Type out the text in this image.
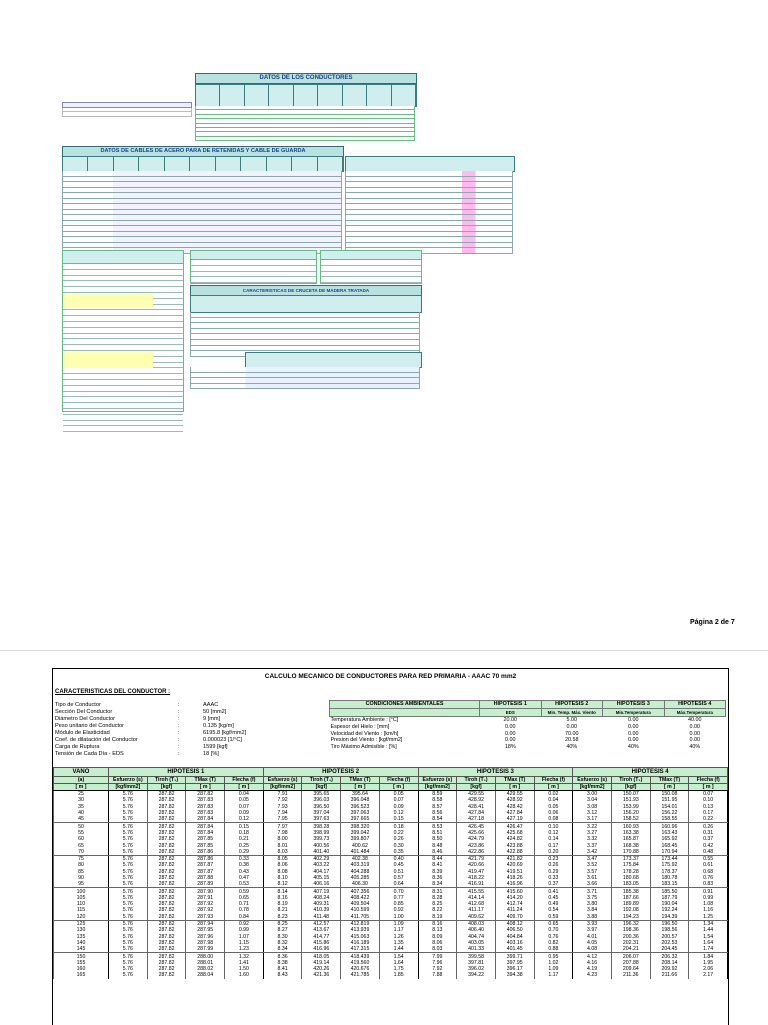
DATOS DE LOS CONDUCTORES
DATOS DE CABLES DE ACERO PARA DE RETENIDAS Y CABLE DE GUARDA
CARACTERISTICAS DE CRUCETA DE MADERA TRATADA
Página 2 de 7
CALCULO MECANICO DE CONDUCTORES PARA RED PRIMARIA - AAAC 70 mm2
CARACTERISTICAS DEL CONDUCTOR :
Tipo de Conductor	:	AAAC
Sección Del Conductor	:	50 [mm2]
Diámetro Del Conductor	:	9 [mm]
Peso unitario del Conductor	:	0.135 [kg/m]
Módulo de Elasticidad	:	6195.8 [kgf/mm2]
Coef. de dilatación del Conductor	:	0.000023 [1/°C]
Carga de Ruptura	:	1599 [kgf]
Tensión de Cada Día - EDS	:	18 [%]
CONDICIONES AMBIENTALES	HIPOTESIS 1	HIPOTESIS 2	HIPOTESIS 3	HIPOTESIS 4
	EDS	Min. Temp. Máx. Viento	Min.Temperatura	Máx.Temperatura
Temperatura Ambiente : [°C]	20.00	5.00	0.00	40.00
Espesor del Hielo : [mm]	0.00	0.00	0.00	0.00
Velocidad del Viento : [km/h]	0.00	70.00	0.00	0.00
Presion del Viento : [kgf/mm2]	0.00	20.58	0.00	0.00
Tiro Máximo Admisible : [%]	18%	40%	40%	40%
VANO	HIPOTESIS 1				HIPOTESIS 2				HIPOTESIS 3				HIPOTESIS 4			
(a)	Esfuerzo (s)	Tiroh (T₁)	TMax (T)	Flecha (f)	Esfuerzo (s)	Tiroh (T₁)	TMax (T)	Flecha (f)	Esfuerzo (s)	Tiroh (T₁)	TMax (T)	Flecha (f)	Esfuerzo (s)	Tiroh (T₁)	TMax (T)	Flecha (f)
[ m ]	[kgf/mm2]	[kgf]	[ m ]	[ m ]	[kgf/mm2]	[kgf]	[ m ]	[ m ]	[kgf/mm2]	[kgf]	[ m ]	[ m ]	[kgf/mm2]	[kgf]	[ m ]	[ m ]
25	5.76	287.82	287.82	0.04	7.91	395.65	395.64	0.05	8.59	429.55	429.55	0.02	3.00	150.07	150.08	0.07
30	5.76	287.82	287.83	0.05	7.92	396.03	396.048	0.07	8.58	428.92	428.92	0.04	3.04	151.93	151.95	0.10
35	5.76	287.82	287.83	0.07	7.93	396.50	396.523	0.09	8.57	428.41	428.42	0.05	3.08	153.99	154.01	0.13
40	5.76	287.82	287.83	0.09	7.94	397.04	397.063	0.12	8.56	427.84	427.84	0.06	3.12	156.20	156.22	0.17
45	5.76	287.82	287.84	0.12	7.95	397.63	397.665	0.15	8.54	427.18	427.19	0.08	3.17	158.52	158.55	0.22
50	5.76	287.82	287.84	0.15	7.97	398.28	398.320	0.18	8.53	426.45	426.47	0.10	3.22	160.93	160.96	0.26
55	5.76	287.82	287.84	0.18	7.98	398.99	399.042	0.22	8.51	425.66	425.68	0.12	3.27	163.38	163.43	0.31
60	5.76	287.82	287.85	0.21	8.00	399.73	399.807	0.26	8.50	424.79	424.82	0.14	3.32	165.87	165.92	0.37
65	5.76	287.82	287.85	0.25	8.01	400.56	400.62	0.30	8.48	423.86	423.88	0.17	3.37	168.38	168.45	0.42
70	5.76	287.82	287.86	0.29	8.03	401.40	401.484	0.35	8.46	422.86	422.88	0.20	3.42	170.88	170.94	0.48
75	5.76	287.82	287.86	0.33	8.05	402.29	402.38	0.40	8.44	421.79	421.82	0.23	3.47	173.37	173.44	0.55
80	5.76	287.82	287.87	0.38	8.06	403.22	403.319	0.45	8.41	420.66	420.69	0.26	3.52	175.84	175.92	0.61
85	5.76	287.82	287.87	0.43	8.08	404.17	404.288	0.51	8.39	419.47	419.51	0.29	3.57	178.28	178.37	0.68
90	5.76	287.82	287.88	0.47	8.10	405.15	405.285	0.57	8.36	418.22	418.26	0.33	3.61	180.68	180.78	0.76
95	5.76	287.82	287.89	0.53	8.12	406.16	406.30	0.64	8.34	416.91	416.96	0.37	3.66	183.05	183.15	0.83
100	5.76	287.82	287.90	0.59	8.14	407.19	407.356	0.70	8.31	415.55	415.60	0.41	3.71	185.38	185.50	0.91
105	5.76	287.82	287.91	0.65	8.16	408.24	408.422	0.77	8.28	414.14	414.20	0.45	3.75	187.66	187.79	0.99
110	5.76	287.82	287.92	0.71	8.19	409.31	409.504	0.85	8.25	412.68	412.74	0.49	3.80	189.89	190.04	1.08
115	5.76	287.82	287.92	0.78	8.21	410.39	410.599	0.92	8.22	411.17	411.24	0.54	3.84	192.08	192.24	1.16
120	5.76	287.82	287.93	0.84	8.23	411.48	411.705	1.00	8.19	409.62	409.70	0.59	3.88	194.23	194.39	1.25
125	5.76	287.82	287.94	0.92	8.25	412.57	412.819	1.09	8.16	408.03	408.12	0.65	3.93	196.32	196.50	1.34
130	5.76	287.82	287.95	0.99	8.27	413.67	413.939	1.17	8.13	406.40	406.50	0.70	3.97	198.36	198.56	1.44
135	5.76	287.82	287.96	1.07	8.30	414.77	415.063	1.26	8.09	404.74	404.84	0.76	4.01	200.36	200.57	1.54
140	5.76	287.82	287.98	1.15	8.32	415.86	416.189	1.35	8.06	403.05	403.16	0.82	4.05	202.31	202.53	1.64
145	5.76	287.82	287.99	1.23	8.34	416.96	417.315	1.44	8.03	401.33	401.45	0.88	4.08	204.21	204.45	1.74
150	5.76	287.82	288.00	1.32	8.36	418.05	418.439	1.54	7.99	399.58	399.71	0.95	4.12	206.07	206.32	1.84
155	5.76	287.82	288.01	1.41	8.38	419.14	419.560	1.64	7.96	397.81	397.95	1.02	4.16	207.88	208.14	1.95
160	5.76	287.82	288.02	1.50	8.41	420.26	420.676	1.75	7.92	396.02	396.17	1.09	4.19	209.64	209.92	2.06
165	5.76	287.82	288.04	1.60	8.43	421.36	421.785	1.85	7.88	394.22	394.38	1.17	4.23	211.36	211.66	2.17
